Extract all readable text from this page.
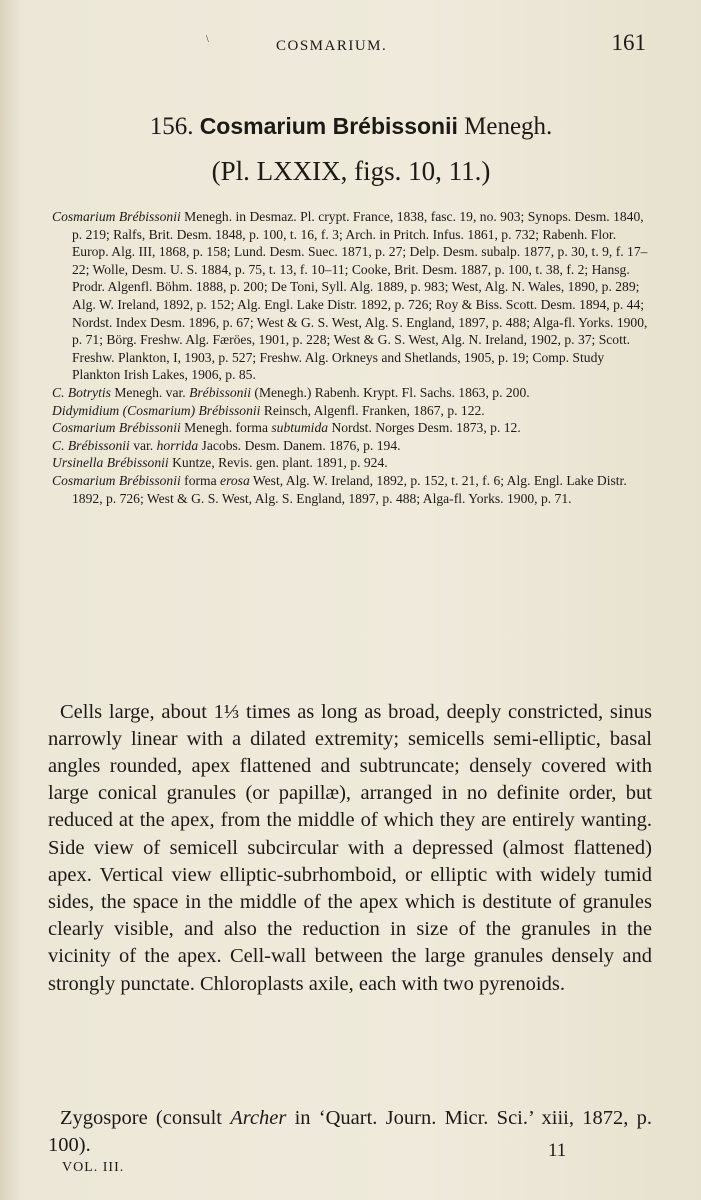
\	COSMARIUM.	161
156. Cosmarium Brébissonii Menegh.
(Pl. LXXIX, figs. 10, 11.)

Cosmarium Brébissonii Menegh. in Desmaz. Pl. crypt. France, 1838, fasc. 19, no. 903; Synops. Desm. 1840, p. 219; Ralfs, Brit. Desm. 1848, p. 100, t. 16, f. 3; Arch. in Pritch. Infus. 1861, p. 732; Rabenh. Flor. Europ. Alg. III, 1868, p. 158; Lund. Desm. Suec. 1871, p. 27; Delp. Desm. subalp. 1877, p. 30, t. 9, f. 17–22; Wolle, Desm. U. S. 1884, p. 75, t. 13, f. 10–11; Cooke, Brit. Desm. 1887, p. 100, t. 38, f. 2; Hansg. Prodr. Algenfl. Böhm. 1888, p. 200; De Toni, Syll. Alg. 1889, p. 983; West, Alg. N. Wales, 1890, p. 289; Alg. W. Ireland, 1892, p. 152; Alg. Engl. Lake Distr. 1892, p. 726; Roy & Biss. Scott. Desm. 1894, p. 44; Nordst. Index Desm. 1896, p. 67; West & G. S. West, Alg. S. England, 1897, p. 488; Alga-fl. Yorks. 1900, p. 71; Börg. Freshw. Alg. Færöes, 1901, p. 228; West & G. S. West, Alg. N. Ireland, 1902, p. 37; Scott. Freshw. Plankton, I, 1903, p. 527; Freshw. Alg. Orkneys and Shetlands, 1905, p. 19; Comp. Study Plankton Irish Lakes, 1906, p. 85.

C. Botrytis Menegh. var. Brébissonii (Menegh.) Rabenh. Krypt. Fl. Sachs. 1863, p. 200.

Didymidium (Cosmarium) Brébissonii Reinsch, Algenfl. Franken, 1867, p. 122.

Cosmarium Brébissonii Menegh. forma subtumida Nordst. Norges Desm. 1873, p. 12.

C. Brébissonii var. horrida Jacobs. Desm. Danem. 1876, p. 194.

Ursinella Brébissonii Kuntze, Revis. gen. plant. 1891, p. 924.

Cosmarium Brébissonii forma erosa West, Alg. W. Ireland, 1892, p. 152, t. 21, f. 6; Alg. Engl. Lake Distr. 1892, p. 726; West & G. S. West, Alg. S. England, 1897, p. 488; Alga-fl. Yorks. 1900, p. 71.

Cells large, about 1⅓ times as long as broad, deeply constricted, sinus narrowly linear with a dilated extremity; semicells semi-elliptic, basal angles rounded, apex flattened and subtruncate; densely covered with large conical granules (or papillæ), arranged in no definite order, but reduced at the apex, from the middle of which they are entirely wanting. Side view of semicell subcircular with a depressed (almost flattened) apex. Vertical view elliptic-subrhomboid, or elliptic with widely tumid sides, the space in the middle of the apex which is destitute of granules clearly visible, and also the reduction in size of the granules in the vicinity of the apex. Cell-wall between the large granules densely and strongly punctate. Chloroplasts axile, each with two pyrenoids.

Zygospore (consult Archer in ‘Quart. Journ. Micr. Sci.’ xiii, 1872, p. 100).

VOL. III.
11
